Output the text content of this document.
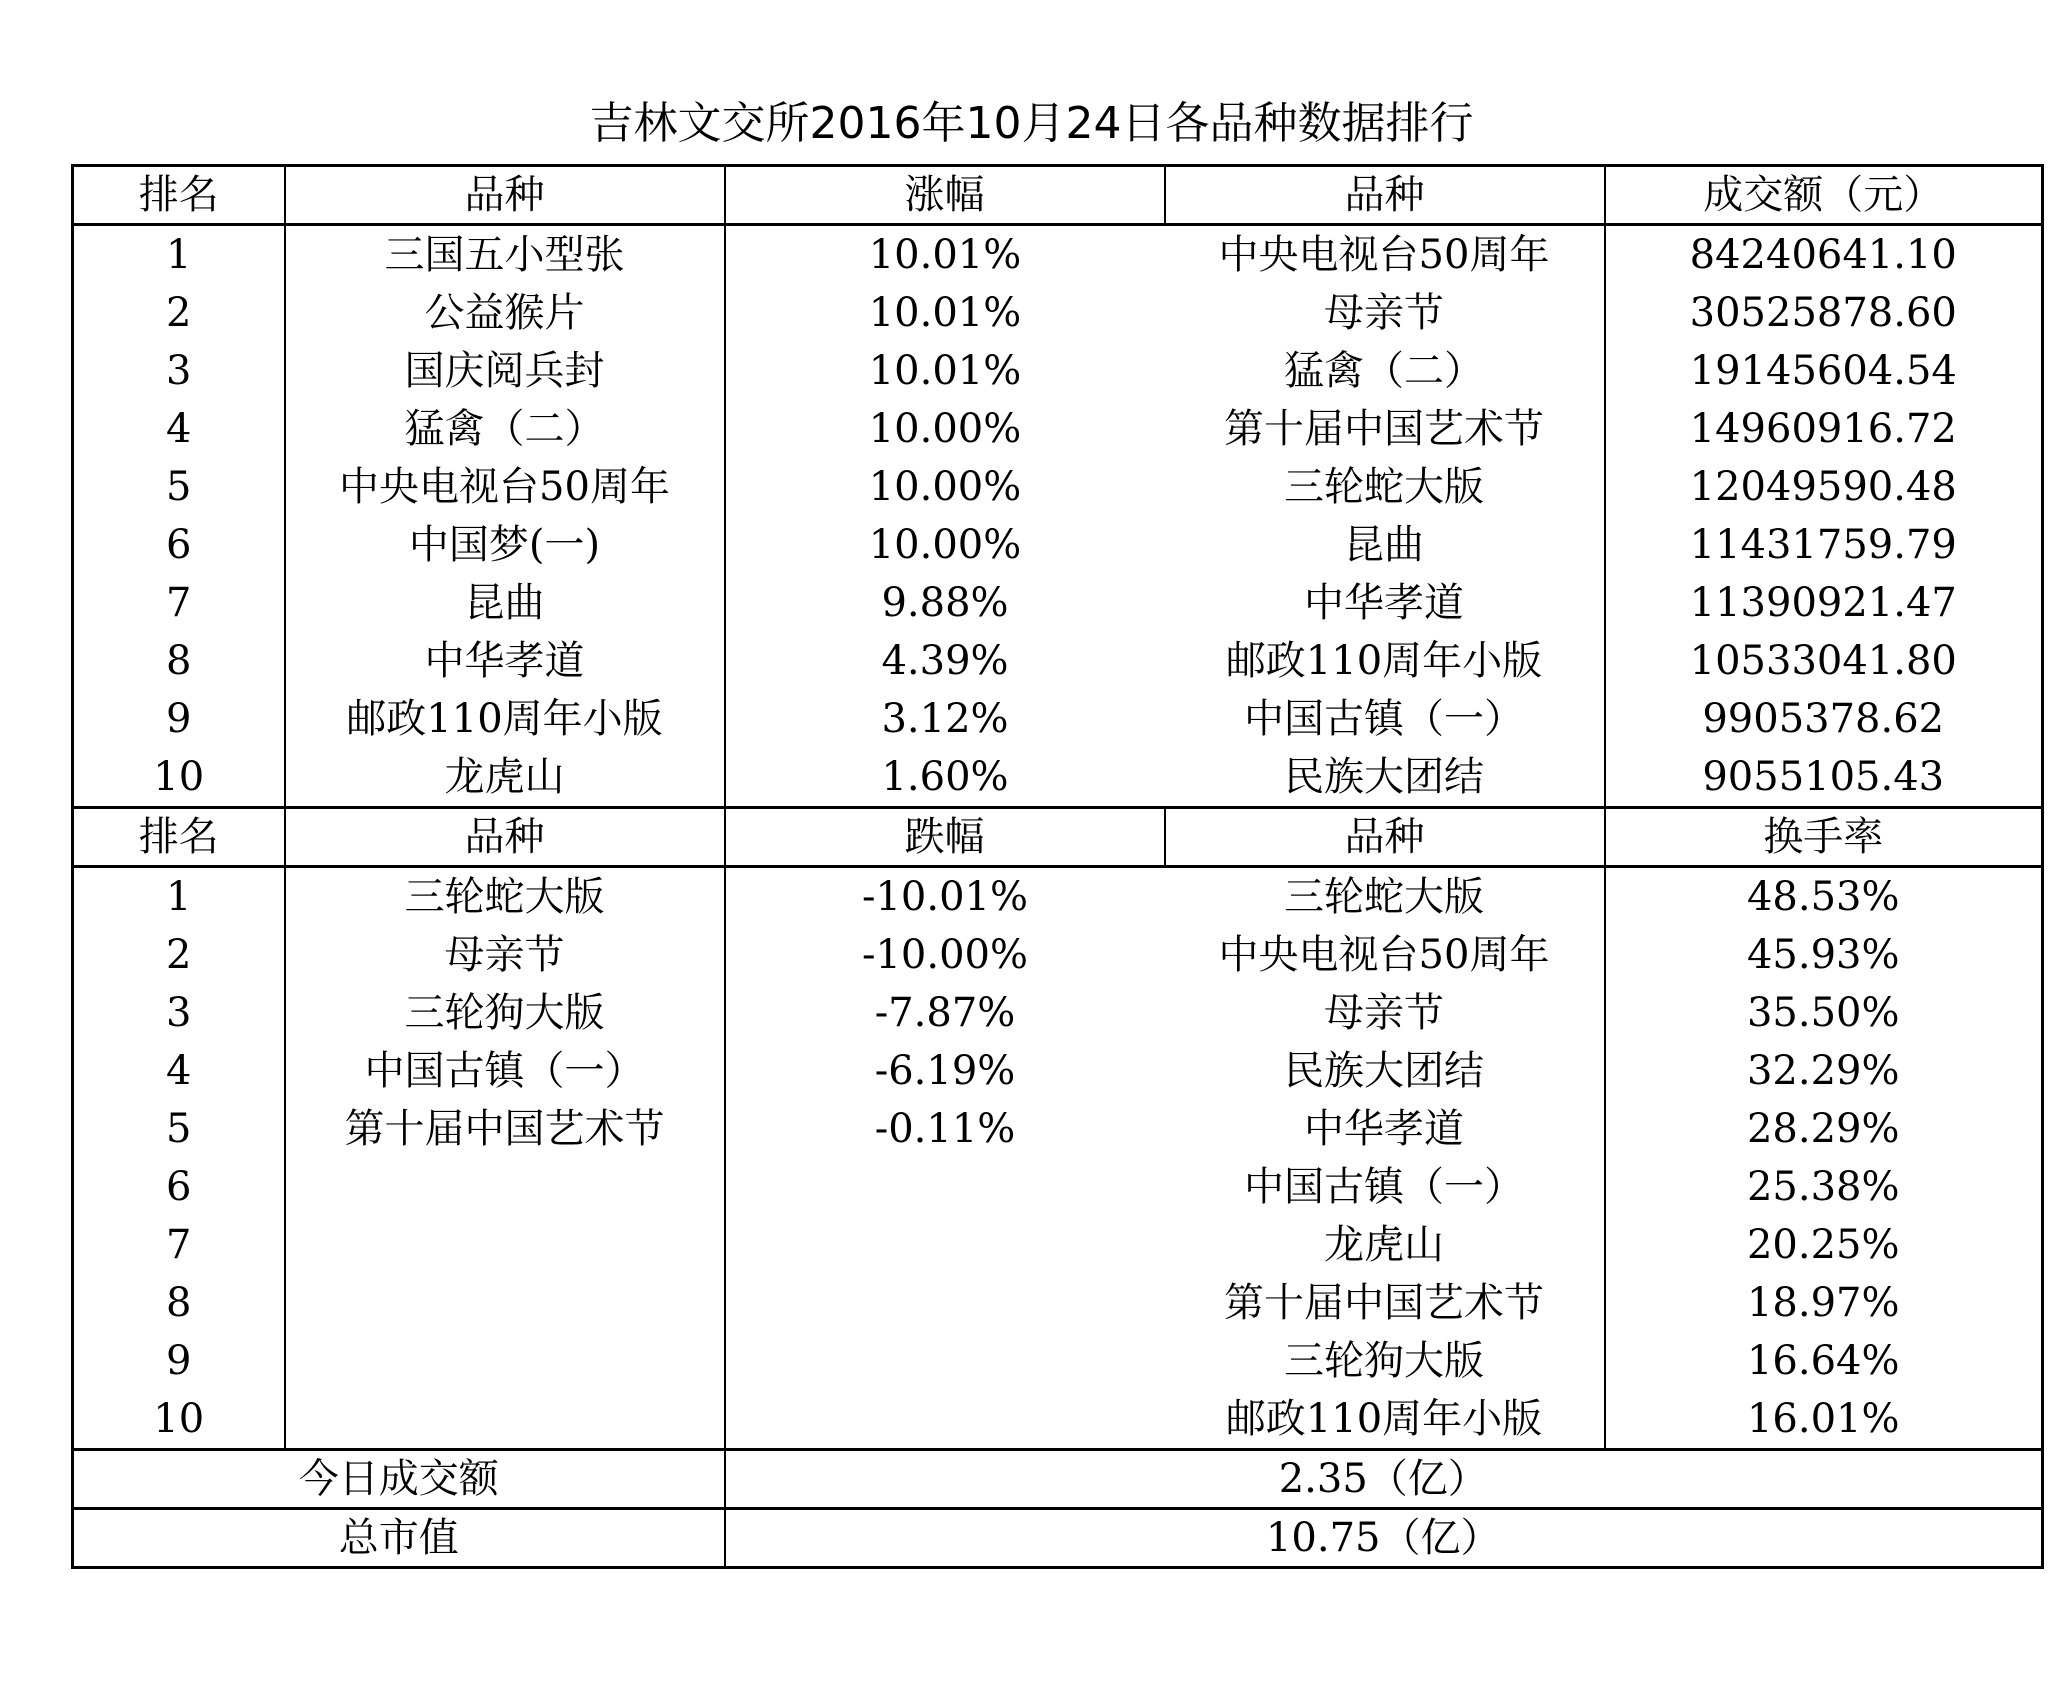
吉林文交所2016年10月24日各品种数据排行
排名	品种	涨幅	品种	成交额（元）
1	三国五小型张	10.01%	中央电视台50周年	84240641.10
2	公益猴片	10.01%	母亲节	30525878.60
3	国庆阅兵封	10.01%	猛禽（二）	19145604.54
4	猛禽（二）	10.00%	第十届中国艺术节	14960916.72
5	中央电视台50周年	10.00%	三轮蛇大版	12049590.48
6	中国梦(一)	10.00%	昆曲	11431759.79
7	昆曲	9.88%	中华孝道	11390921.47
8	中华孝道	4.39%	邮政110周年小版	10533041.80
9	邮政110周年小版	3.12%	中国古镇（一）	9905378.62
10	龙虎山	1.60%	民族大团结	9055105.43
排名	品种	跌幅	品种	换手率
1	三轮蛇大版	-10.01%	三轮蛇大版	48.53%
2	母亲节	-10.00%	中央电视台50周年	45.93%
3	三轮狗大版	-7.87%	母亲节	35.50%
4	中国古镇（一）	-6.19%	民族大团结	32.29%
5	第十届中国艺术节	-0.11%	中华孝道	28.29%
6			中国古镇（一）	25.38%
7			龙虎山	20.25%
8			第十届中国艺术节	18.97%
9			三轮狗大版	16.64%
10			邮政110周年小版	16.01%
今日成交额		2.35（亿）		
总市值		10.75（亿）		
